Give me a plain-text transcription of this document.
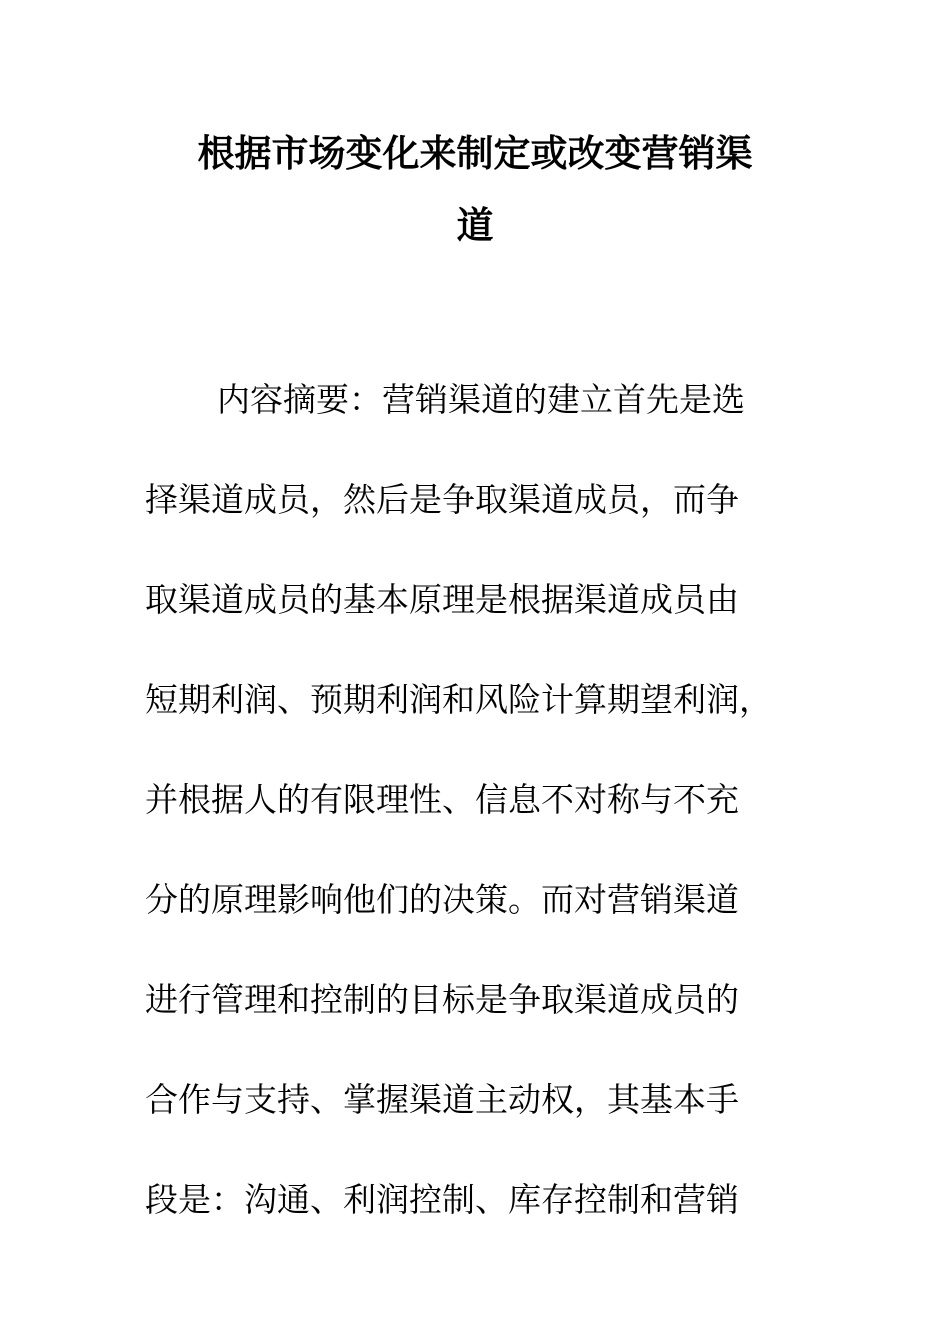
根据市场变化来制定或改变营销渠
道
内容摘要：营销渠道的建立首先是选
择渠道成员，然后是争取渠道成员，而争
取渠道成员的基本原理是根据渠道成员由
短期利润、预期利润和风险计算期望利润，
并根据人的有限理性、信息不对称与不充
分的原理影响他们的决策。而对营销渠道
进行管理和控制的目标是争取渠道成员的
合作与支持、掌握渠道主动权，其基本手
段是：沟通、利润控制、库存控制和营销
